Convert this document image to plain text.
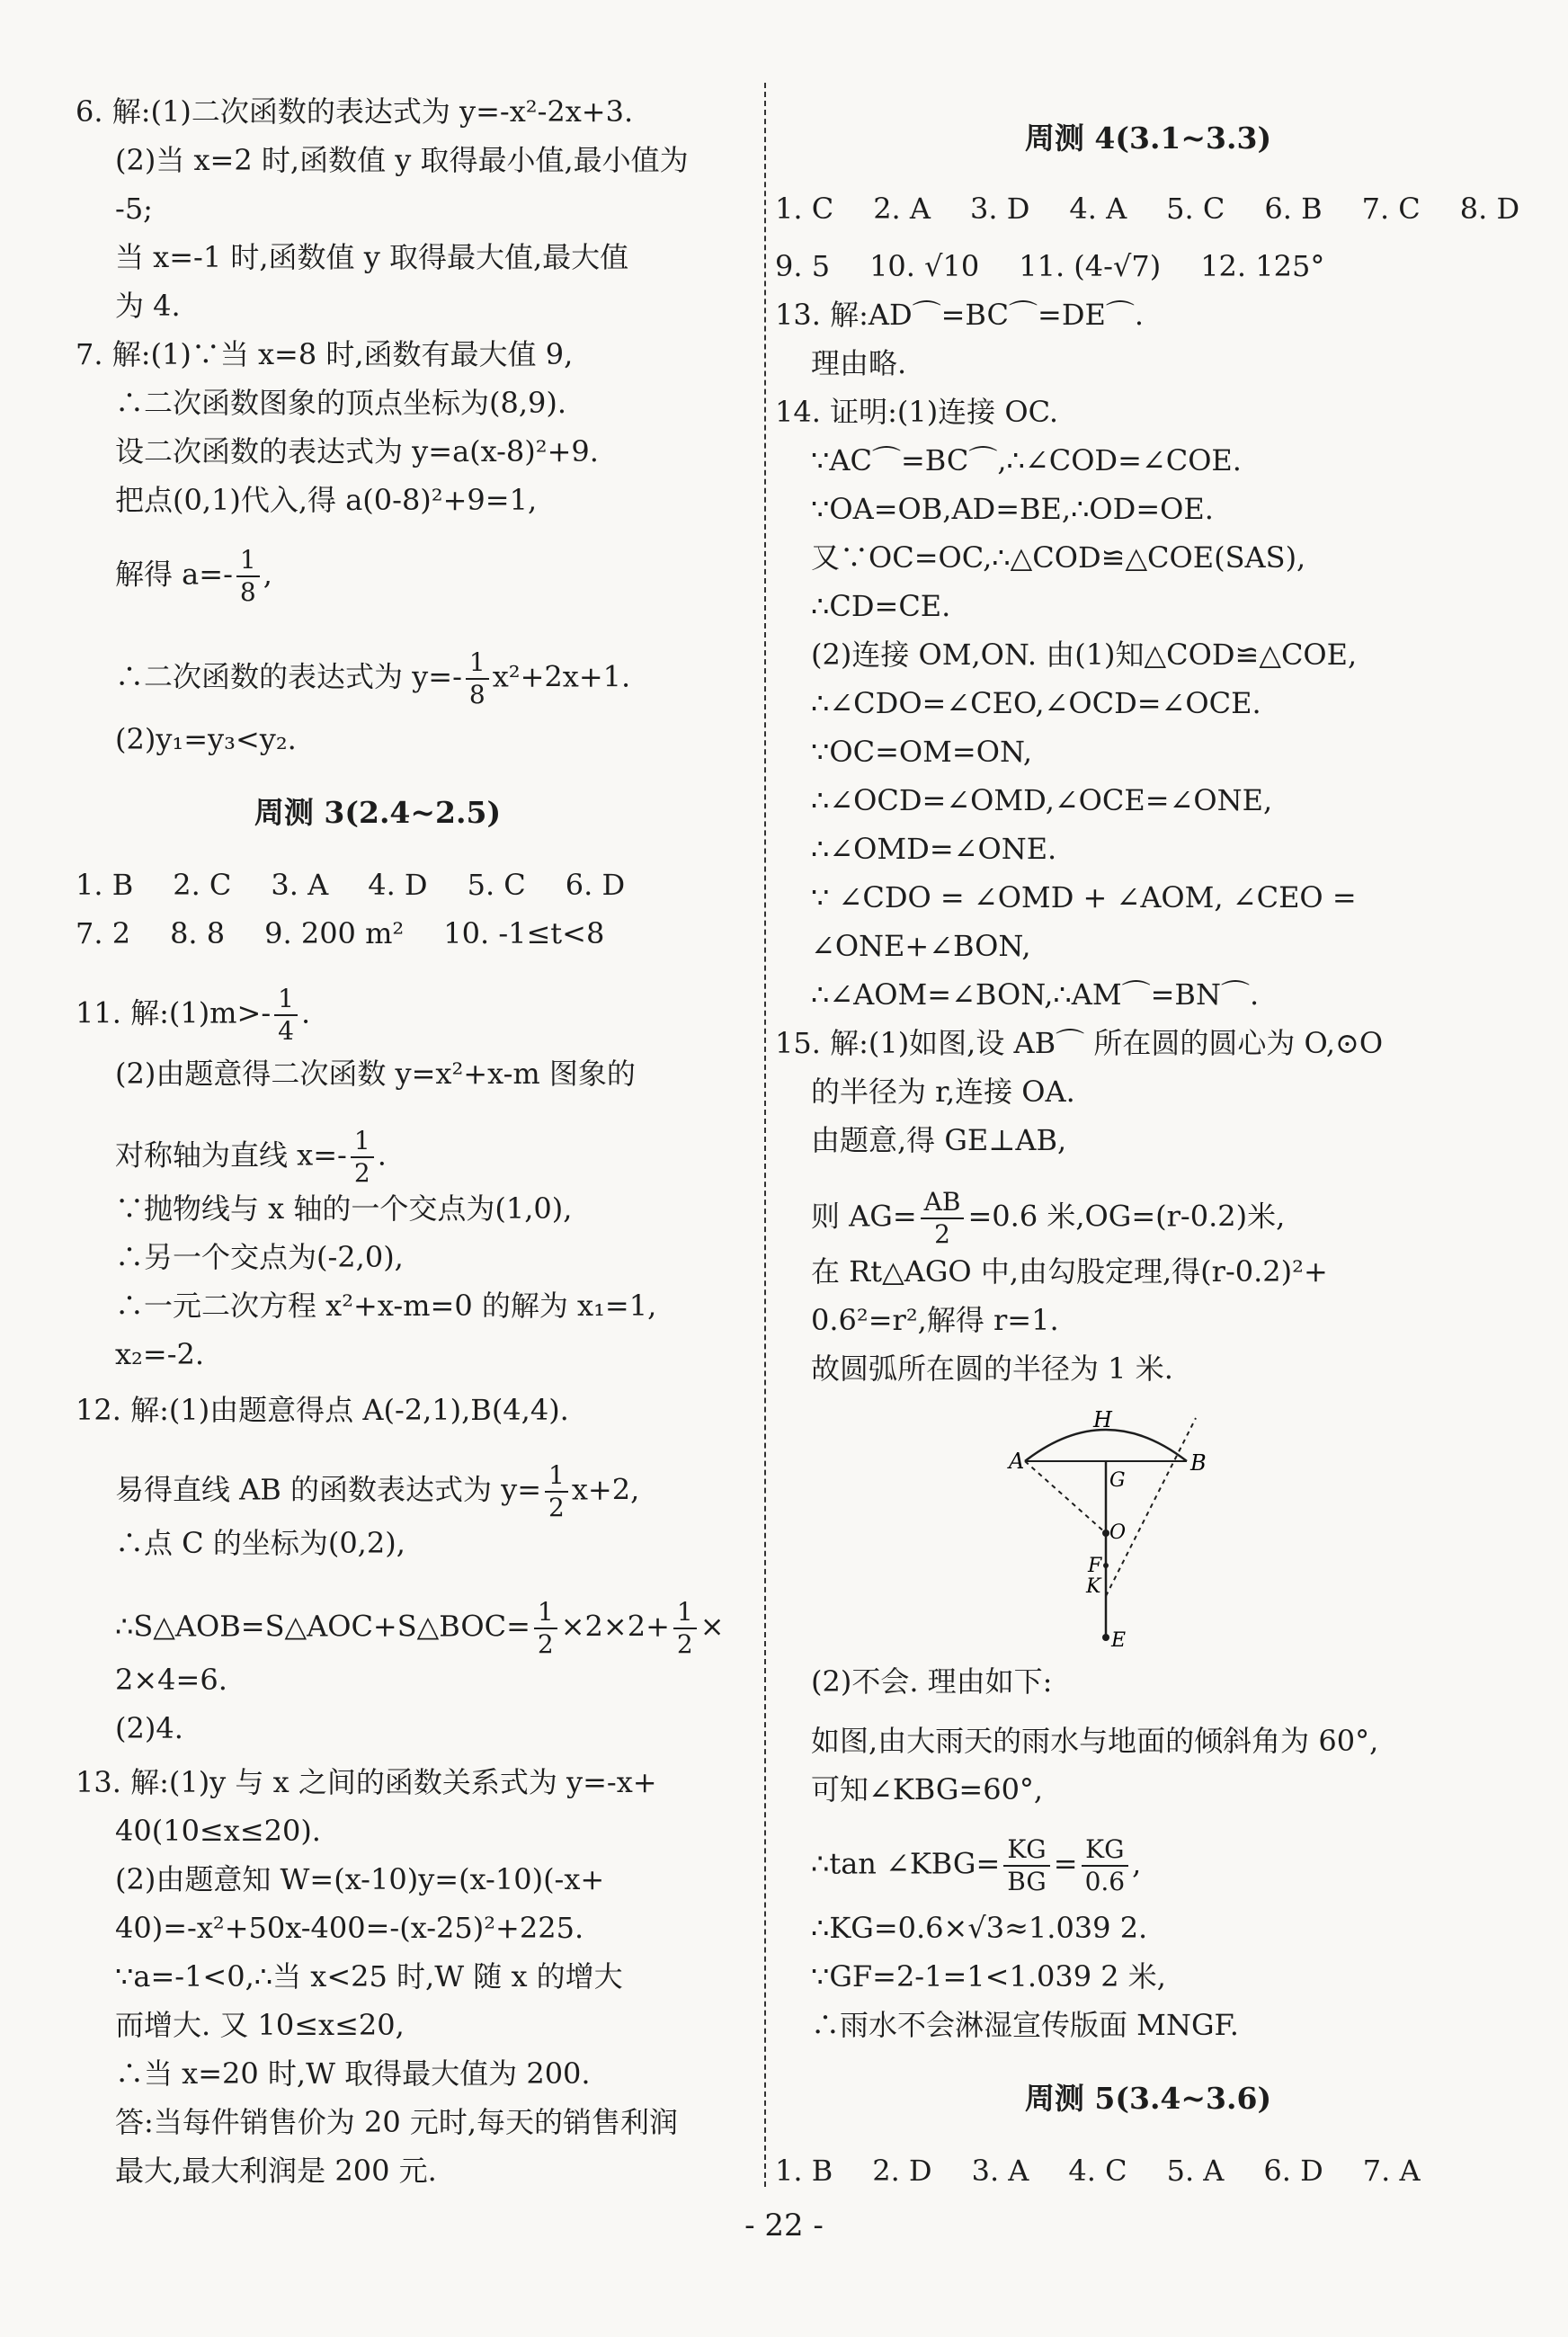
6. 解:(1)二次函数的表达式为 y=-x²-2x+3.
(2)当 x=2 时,函数值 y 取得最小值,最小值为
-5;
当 x=-1 时,函数值 y 取得最大值,最大值
为 4.
7. 解:(1)∵当 x=8 时,函数有最大值 9,
∴二次函数图象的顶点坐标为(8,9).
设二次函数的表达式为 y=a(x-8)²+9.
把点(0,1)代入,得 a(0-8)²+9=1,
解得 $a=- \frac{1}{8}$ ,
∴二次函数的表达式为 $y=- \frac{1}{8} x^2+2x+1$.
(2)y₁=y₃<y₂.
周测 3(2.4~2.5)
1. B 2. C 3. A 4. D 5. C 6. D
7. 2 8. 8 9. 200 m² 10. -1≤t<8
11. 解:(1)m>- $\frac{1}{4}$ .
(2)由题意得二次函数 y=x²+x-m 图象的
对称轴为直线 $x=- \frac{1}{2}$ .
∵抛物线与 x 轴的一个交点为(1,0),
∴另一个交点为(-2,0),
∴一元二次方程 x²+x-m=0 的解为 x₁=1,
x₂=-2.
12. 解:(1)由题意得点 A(-2,1),B(4,4).
易得直线 AB 的函数表达式为 $y= \frac{1}{2} x+2$,
∴点 C 的坐标为(0,2),
∴S△AOB=S△AOC+S△BOC= $\frac{1}{2} \times 2\times 2+ \frac{1}{2}$ ×
2×4=6.
(2)4.
13. 解:(1)y 与 x 之间的函数关系式为 y=-x+
40(10≤x≤20).
(2)由题意知 W=(x-10)y=(x-10)(-x+
40)=-x²+50x-400=-(x-25)²+225.
∵a=-1<0,∴当 x<25 时,W 随 x 的增大
而增大. 又 10≤x≤20,
∴当 x=20 时,W 取得最大值为 200.
答:当每件销售价为 20 元时,每天的销售利润
最大,最大利润是 200 元.
周测 4(3.1~3.3)
1. C 2. A 3. D 4. A 5. C 6. B 7. C 8. D
9. 5 10. √10 11. (4-√7) 12. 125°
13. 解:AD⌒=BC⌒=DE⌒.
理由略.
14. 证明:(1)连接 OC.
∵AC⌒=BC⌒,∴∠COD=∠COE.
∵OA=OB,AD=BE,∴OD=OE.
又∵OC=OC,∴△COD≌△COE(SAS),
∴CD=CE.
(2)连接 OM,ON. 由(1)知△COD≌△COE,
∴∠CDO=∠CEO,∠OCD=∠OCE.
∵OC=OM=ON,
∴∠OCD=∠OMD,∠OCE=∠ONE,
∴∠OMD=∠ONE.
∵ ∠CDO = ∠OMD + ∠AOM, ∠CEO =
∠ONE+∠BON,
∴∠AOM=∠BON,∴AM⌒=BN⌒.
15. 解:(1)如图,设 AB⌒ 所在圆的圆心为 O,⊙O
的半径为 r,连接 OA.
由题意,得 GE⊥AB,
则 $AG= \frac{AB}{2} =0.6$ 米,OG=(r-0.2)米,
在 Rt△AGO 中,由勾股定理,得(r-0.2)²+
0.6²=r²,解得 r=1.
故圆弧所在圆的半径为 1 米.
(2)不会. 理由如下:
如图,由大雨天的雨水与地面的倾斜角为 60°,
可知∠KBG=60°,
∴tan ∠KBG= $\frac{KG}{BG} = \frac{KG}{0.6}$ ,
∴KG=0.6×√3≈1.039 2.
∵GF=2-1=1<1.039 2 米,
∴雨水不会淋湿宣传版面 MNGF.
周测 5(3.4~3.6)
1. B 2. D 3. A 4. C 5. A 6. D 7. A
H
A	B
G
O
F
K
E
- 22 -
